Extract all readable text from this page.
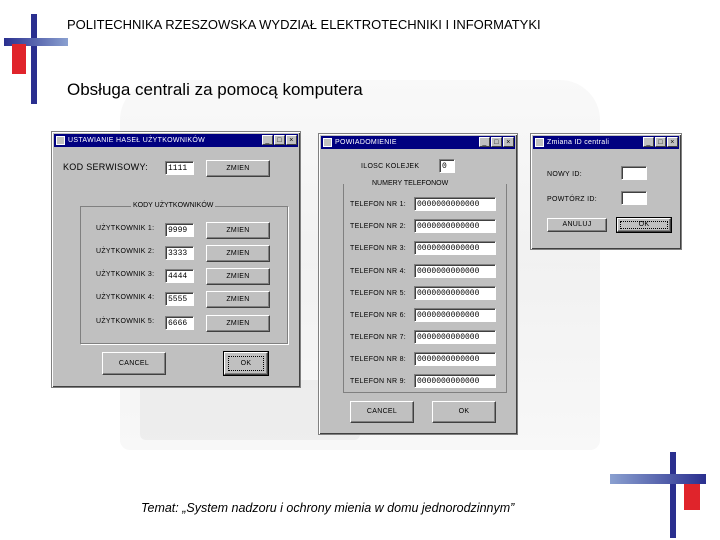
POLITECHNIKA RZESZOWSKA WYDZIAŁ ELEKTROTECHNIKI I INFORMATYKI
Obsługa centrali za pomocą komputera
Temat: „System nadzoru i ochrony mienia w domu jednorodzinnym”
USTAWIANIE HASEŁ UŻYTKOWNIKÓW	_	□	×
KOD SERWISOWY:	1111	ZMIEN
KODY UŻYTKOWNIKÓW
UŻYTKOWNIK 1:	9999	ZMIEN
UŻYTKOWNIK 2:	3333	ZMIEN
UŻYTKOWNIK 3:	4444	ZMIEN
UŻYTKOWNIK 4:	5555	ZMIEN
UŻYTKOWNIK 5:	6666	ZMIEN
CANCEL	OK
POWIADOMIENIE	_	□	×
ILOSC KOLEJEK	0
NUMERY TELEFONOW
TELEFON NR 1:	0000000000000
TELEFON NR 2:	0000000000000
TELEFON NR 3:	0000000000000
TELEFON NR 4:	0000000000000
TELEFON NR 5:	0000000000000
TELEFON NR 6:	0000000000000
TELEFON NR 7:	0000000000000
TELEFON NR 8:	0000000000000
TELEFON NR 9:	0000000000000
CANCEL	OK
Zmiana ID centrali	_	□	×
NOWY ID:
POWTÓRZ ID:
ANULUJ	OK
